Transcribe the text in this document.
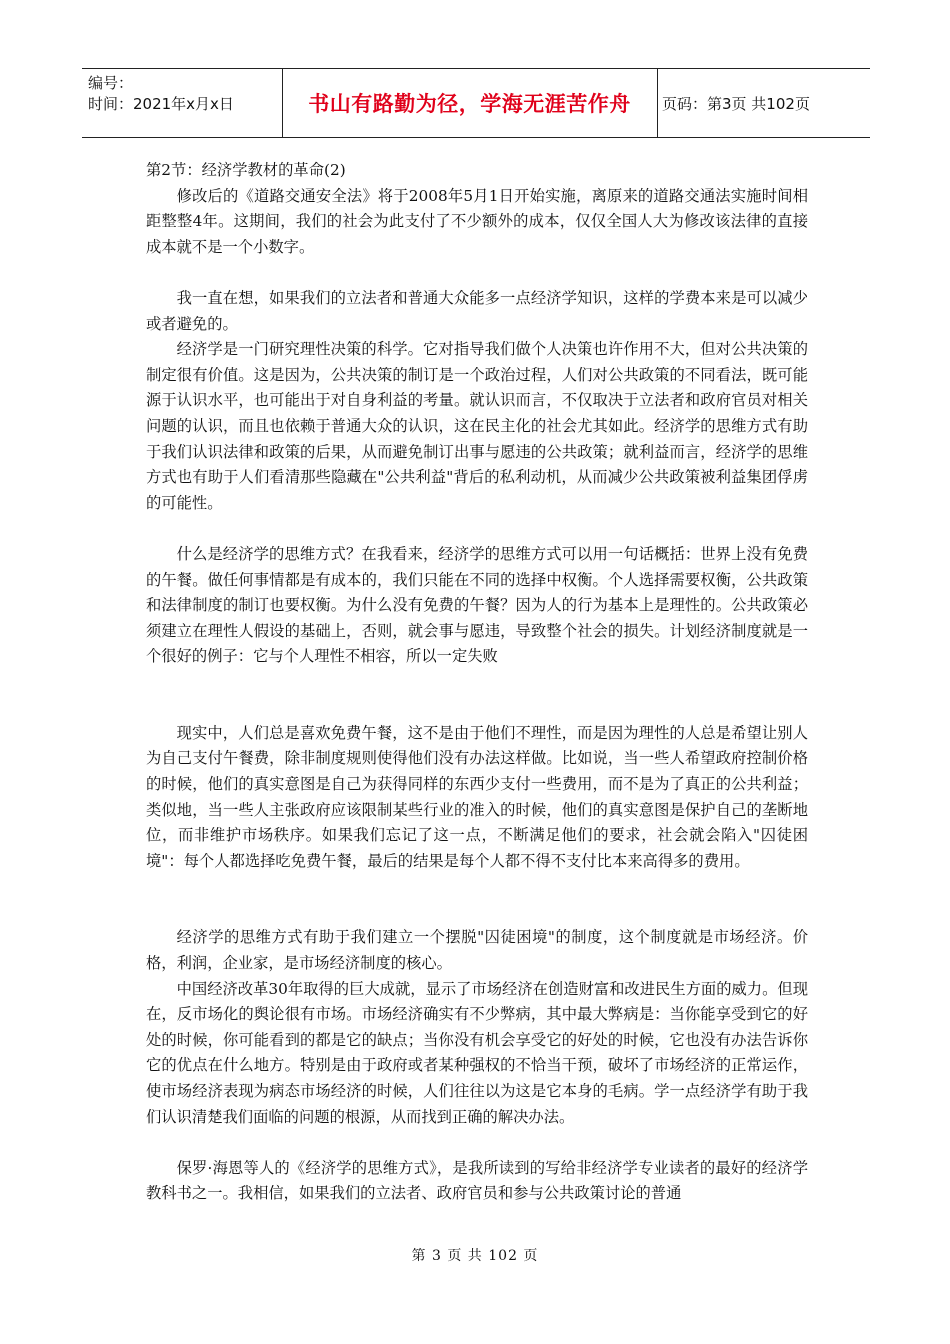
编号：
时间：2021年x月x日	书山有路勤为径，学海无涯苦作舟	页码：第3页 共102页

第2节：经济学教材的革命(2)

修改后的《道路交通安全法》将于2008年5月1日开始实施，离原来的道路交通法实施时间相距整整4年。这期间，我们的社会为此支付了不少额外的成本，仅仅全国人大为修改该法律的直接成本就不是一个小数字。

我一直在想，如果我们的立法者和普通大众能多一点经济学知识，这样的学费本来是可以减少或者避免的。

经济学是一门研究理性决策的科学。它对指导我们做个人决策也许作用不大，但对公共决策的制定很有价值。这是因为，公共决策的制订是一个政治过程，人们对公共政策的不同看法，既可能源于认识水平，也可能出于对自身利益的考量。就认识而言，不仅取决于立法者和政府官员对相关问题的认识，而且也依赖于普通大众的认识，这在民主化的社会尤其如此。经济学的思维方式有助于我们认识法律和政策的后果，从而避免制订出事与愿违的公共政策；就利益而言，经济学的思维方式也有助于人们看清那些隐藏在"公共利益"背后的私利动机，从而减少公共政策被利益集团俘虏的可能性。

什么是经济学的思维方式？在我看来，经济学的思维方式可以用一句话概括：世界上没有免费的午餐。做任何事情都是有成本的，我们只能在不同的选择中权衡。个人选择需要权衡，公共政策和法律制度的制订也要权衡。为什么没有免费的午餐？因为人的行为基本上是理性的。公共政策必须建立在理性人假设的基础上，否则，就会事与愿违，导致整个社会的损失。计划经济制度就是一个很好的例子：它与个人理性不相容，所以一定失败

现实中，人们总是喜欢免费午餐，这不是由于他们不理性，而是因为理性的人总是希望让别人为自己支付午餐费，除非制度规则使得他们没有办法这样做。比如说，当一些人希望政府控制价格的时候，他们的真实意图是自己为获得同样的东西少支付一些费用，而不是为了真正的公共利益；类似地，当一些人主张政府应该限制某些行业的准入的时候，他们的真实意图是保护自己的垄断地位，而非维护市场秩序。如果我们忘记了这一点，不断满足他们的要求，社会就会陷入"囚徒困境"：每个人都选择吃免费午餐，最后的结果是每个人都不得不支付比本来高得多的费用。

经济学的思维方式有助于我们建立一个摆脱"囚徒困境"的制度，这个制度就是市场经济。价格，利润，企业家，是市场经济制度的核心。

中国经济改革30年取得的巨大成就，显示了市场经济在创造财富和改进民生方面的威力。但现在，反市场化的舆论很有市场。市场经济确实有不少弊病，其中最大弊病是：当你能享受到它的好处的时候，你可能看到的都是它的缺点；当你没有机会享受它的好处的时候，它也没有办法告诉你它的优点在什么地方。特别是由于政府或者某种强权的不恰当干预，破坏了市场经济的正常运作，使市场经济表现为病态市场经济的时候，人们往往以为这是它本身的毛病。学一点经济学有助于我们认识清楚我们面临的问题的根源，从而找到正确的解决办法。

保罗·海恩等人的《经济学的思维方式》，是我所读到的写给非经济学专业读者的最好的经济学教科书之一。我相信，如果我们的立法者、政府官员和参与公共政策讨论的普通

第 3 页 共 102 页
